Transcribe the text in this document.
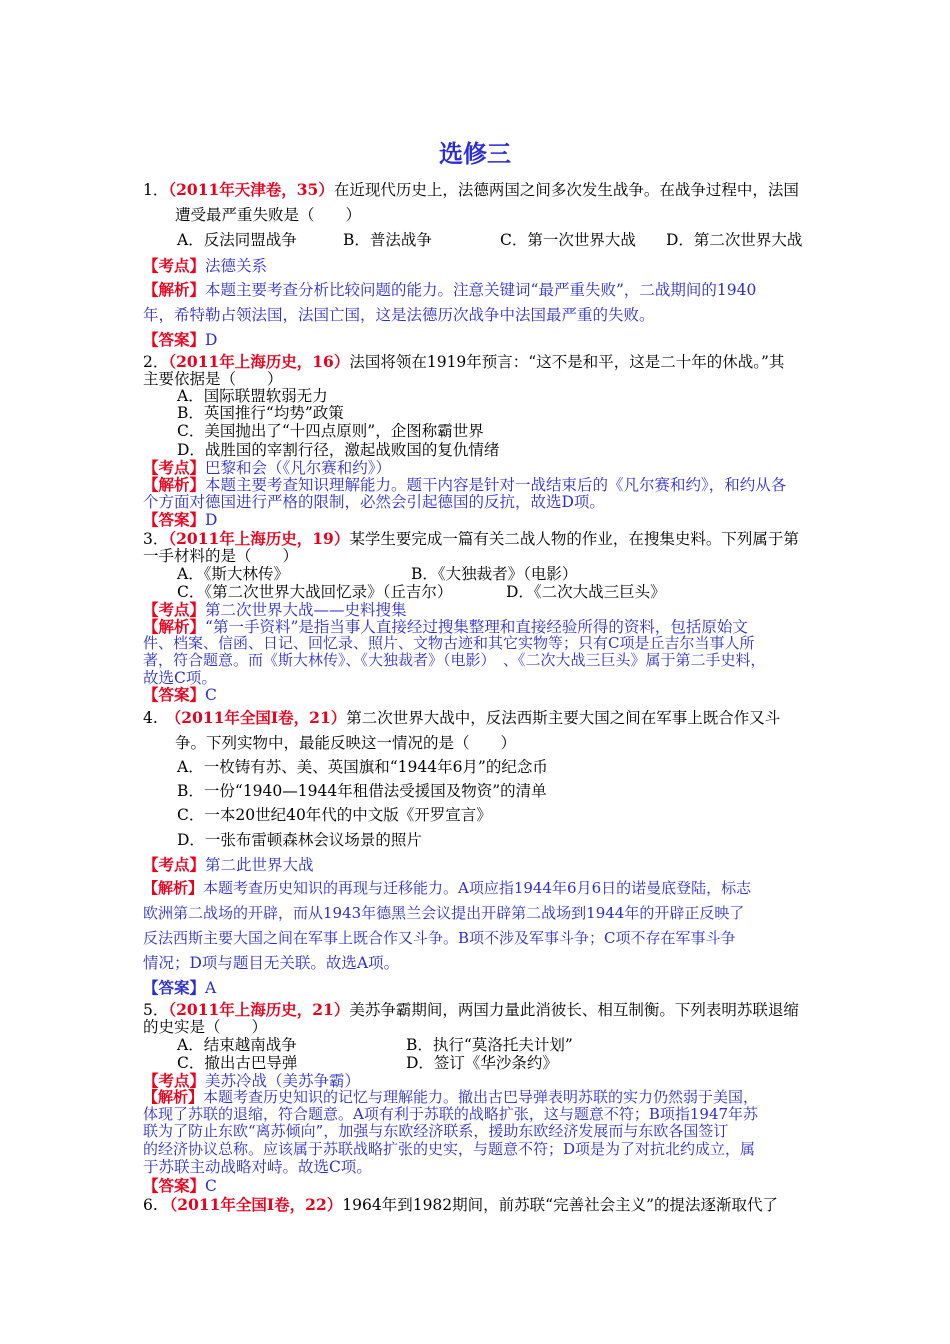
选修三
1．（2011年天津卷，35）在近现代历史上，法德两国之间多次发生战争。在战争过程中，法国
遭受最严重失败是（　　）
A．反法同盟战争	B．普法战争	C．第一次世界大战 D．第二次世界大战
【考点】法德关系
【解析】本题主要考查分析比较问题的能力。注意关键词“最严重失败”，二战期间的1940
年，希特勒占领法国，法国亡国，这是法德历次战争中法国最严重的失败。
【答案】D
2．（2011年上海历史，16）法国将领在1919年预言：“这不是和平，这是二十年的休战。”其
主要依据是（　　）
A．国际联盟软弱无力
B．英国推行“均势”政策
C．美国抛出了“十四点原则”，企图称霸世界
D．战胜国的宰割行径，激起战败国的复仇情绪
【考点】巴黎和会（《凡尔赛和约》）
【解析】本题主要考查知识理解能力。题干内容是针对一战结束后的《凡尔赛和约》，和约从各
个方面对德国进行严格的限制，必然会引起德国的反抗，故选D项。
【答案】D
3．（2011年上海历史，19）某学生要完成一篇有关二战人物的作业，在搜集史料。下列属于第
一手材料的是（　　）
A．《斯大林传》	B．《大独裁者》（电影）
C．《第二次世界大战回忆录》（丘吉尔）	D．《二次大战三巨头》
【考点】第二次世界大战——史料搜集
【解析】“第一手资料”是指当事人直接经过搜集整理和直接经验所得的资料，包括原始文
件、档案、信函、日记、回忆录、照片、文物古迹和其它实物等；只有C项是丘吉尔当事人所
著，符合题意。而《斯大林传》、《大独裁者》（电影）　、《二次大战三巨头》属于第二手史料，
故选C项。
【答案】C
4. （2011年全国Ⅰ卷，21）第二次世界大战中，反法西斯主要大国之间在军事上既合作又斗
争。下列实物中，最能反映这一情况的是（　　）
A．一枚铸有苏、美、英国旗和“1944年6月”的纪念币
B．一份“1940—1944年租借法受援国及物资”的清单
C．一本20世纪40年代的中文版《开罗宣言》
D．一张布雷顿森林会议场景的照片
【考点】第二此世界大战
【解析】本题考查历史知识的再现与迁移能力。A项应指1944年6月6日的诺曼底登陆，标志
欧洲第二战场的开辟，而从1943年德黑兰会议提出开辟第二战场到1944年的开辟正反映了
反法西斯主要大国之间在军事上既合作又斗争。B项不涉及军事斗争；C项不存在军事斗争
情况；D项与题目无关联。故选A项。
【答案】A
5．（2011年上海历史，21）美苏争霸期间，两国力量此消彼长、相互制衡。下列表明苏联退缩
的史实是（　　）
A．结束越南战争	B．执行“莫洛托夫计划”
C．撤出古巴导弹	D．签订《华沙条约》
【考点】美苏冷战（美苏争霸）
【解析】本题考查历史知识的记忆与理解能力。撤出古巴导弹表明苏联的实力仍然弱于美国，
体现了苏联的退缩，符合题意。A项有利于苏联的战略扩张，这与题意不符；B项指1947年苏
联为了防止东欧“离苏倾向”，加强与东欧经济联系，援助东欧经济发展而与东欧各国签订
的经济协议总称。应该属于苏联战略扩张的史实，与题意不符；D项是为了对抗北约成立，属
于苏联主动战略对峙。故选C项。
【答案】C
6. （2011年全国Ⅰ卷，22）1964年到1982期间，前苏联“完善社会主义”的提法逐渐取代了
